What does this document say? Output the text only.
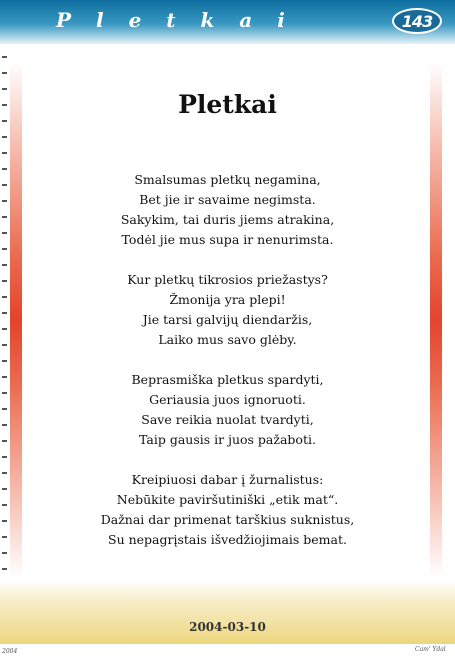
P l e t k a i	143
Pletkai
Smalsumas pletkų negamina,
Bet jie ir savaime negimsta.
Sakykim, tai duris jiems atrakina,
Todėl jie mus supa ir nenurimsta.
Kur pletkų tikrosios priežastys?
Žmonija yra plepi!
Jie tarsi galvijų diendaržis,
Laiko mus savo glėby.
Beprasmiška pletkus spardyti,
Geriausia juos ignoruoti.
Save reikia nuolat tvardyti,
Taip gausis ir juos pažaboti.
Kreipiuosi dabar į žurnalistus:
Nebūkite paviršutiniški „etik mat“.
Dažnai dar primenat tarškius suknistus,
Su nepagrįstais išvedžiojimais bemat.
2004-03-10
2004	Cam' Ydal
